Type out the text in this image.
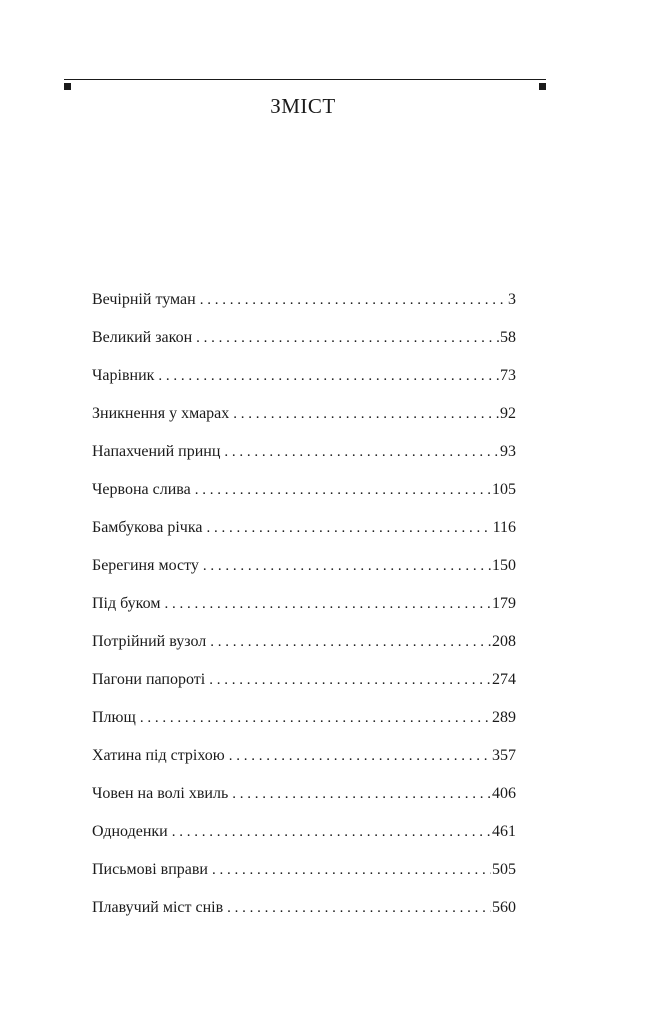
ЗМІСТ
Вечірній туман . . .	3
Великий закон . . .	58
Чарівник . . .	73
Зникнення у хмарах . . .	92
Напахчений принц . . .	93
Червона слива . . .	105
Бамбукова річка . . .	116
Берегиня мосту . . .	150
Під буком . . .	179
Потрійний вузол . . .	208
Пагони папороті . . .	274
Плющ . . .	289
Хатина під стріхою . . .	357
Човен на волі хвиль . . .	406
Одноденки . . .	461
Письмові вправи . . .	505
Плавучий міст снів . . .	560
